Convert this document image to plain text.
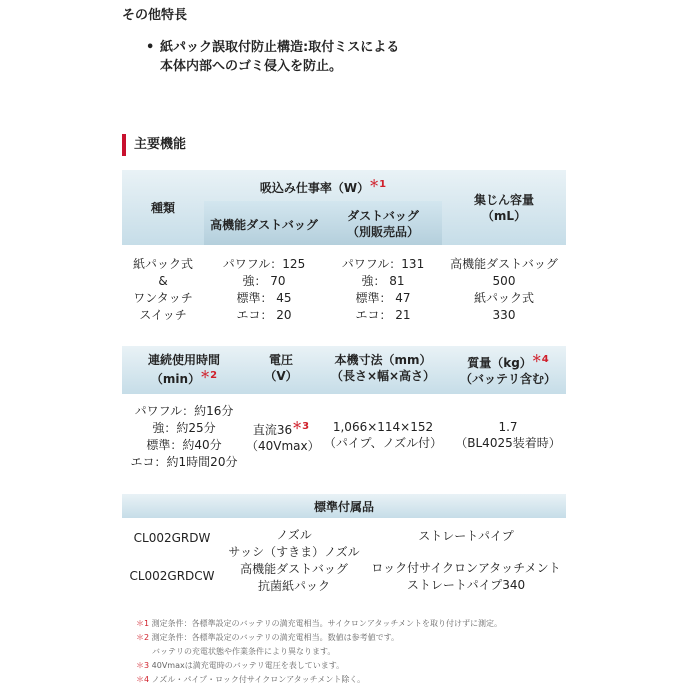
その他特長
• 紙パック誤取付防止構造:取付ミスによる
本体内部へのゴミ侵入を防止。
主要機能
種類
吸込み仕事率$(W)^{*1}$
高機能ダストバッグ
ダストバッグ
（別販売品）
集じん容量
（mL）
紙パック式
&
ワンタッチ
スイッチ
パワフル：125
強： 70
標準： 45
エコ： 20
パワフル：131
強： 81
標準： 47
エコ： 21
高機能ダストバッグ
500
紙パック式
330
連続使用時間
$(\min)^{*2}$
電圧
（V）
本機寸法（mm）
（長さ×幅×高さ）
質量（kg）$^{*4}$
（バッテリ含む）
パワフル：約16分
強：約25分
標準：約40分
エコ：約1時間20分
直流$36^{*3}$
（40Vmax）
1,066×114×152
（パイプ、ノズル付）
1.7
（BL4025装着時）
標準付属品
CL002GRDW
CL002GRDCW
ノズル
サッシ（すきま）ノズル
高機能ダストバッグ
抗菌紙パック
ストレートパイプ
ロック付サイクロンアタッチメント
ストレートパイプ340
＊1 測定条件：各標準設定のバッテリの満充電相当。サイクロンアタッチメントを取り付けずに測定。
＊2 測定条件：各標準設定のバッテリの満充電相当。数値は参考値です。
バッテリの充電状態や作業条件により異なります。
＊3 40Vmaxは満充電時のバッテリ電圧を表しています。
＊4 ノズル・パイプ・ロック付サイクロンアタッチメント除く。
